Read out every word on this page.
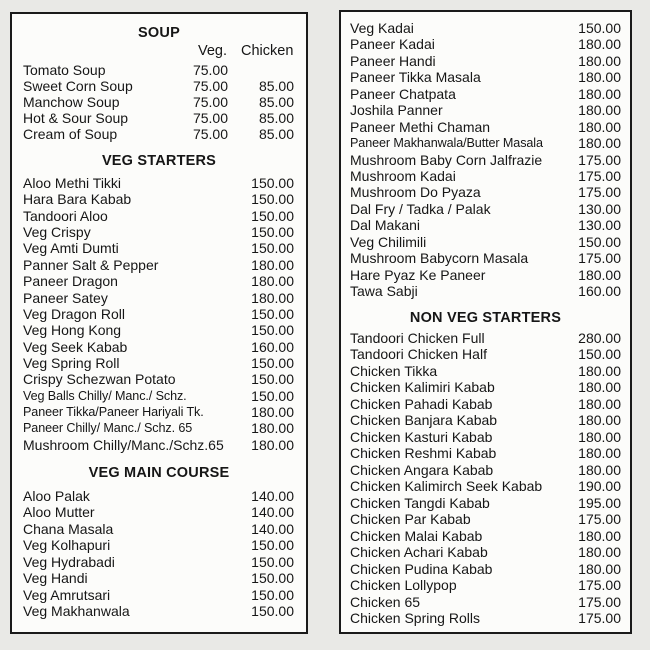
SOUP
Veg. Chicken
Tomato Soup	75.00
Sweet Corn Soup	75.00 85.00
Manchow Soup	75.00 85.00
Hot & Sour Soup	75.00 85.00
Cream of Soup	75.00 85.00
VEG STARTERS
Aloo Methi Tikki	150.00
Hara Bara Kabab	150.00
Tandoori Aloo	150.00
Veg Crispy	150.00
Veg Amti Dumti	150.00
Panner Salt & Pepper	180.00
Paneer Dragon	180.00
Paneer Satey	180.00
Veg Dragon Roll	150.00
Veg Hong Kong	150.00
Veg Seek Kabab	160.00
Veg Spring Roll	150.00
Crispy Schezwan Potato	150.00
Veg Balls Chilly/ Manc./ Schz.	150.00
Paneer Tikka/Paneer Hariyali Tk.	180.00
Paneer Chilly/ Manc./ Schz. 65	180.00
Mushroom Chilly/Manc./Schz.65 180.00
VEG MAIN COURSE
Aloo Palak	140.00
Aloo Mutter	140.00
Chana Masala	140.00
Veg Kolhapuri	150.00
Veg Hydrabadi	150.00
Veg Handi	150.00
Veg Amrutsari	150.00
Veg Makhanwala	150.00
Veg Kadai	150.00
Paneer Kadai	180.00
Paneer Handi	180.00
Paneer Tikka Masala	180.00
Paneer Chatpata	180.00
Joshila Panner	180.00
Paneer Methi Chaman	180.00
Paneer Makhanwala/Butter Masala	180.00
Mushroom Baby Corn Jalfrazie	175.00
Mushroom Kadai	175.00
Mushroom Do Pyaza	175.00
Dal Fry / Tadka / Palak	130.00
Dal Makani	130.00
Veg Chilimili	150.00
Mushroom Babycorn Masala	175.00
Hare Pyaz Ke Paneer	180.00
Tawa Sabji	160.00
NON VEG STARTERS
Tandoori Chicken Full	280.00
Tandoori Chicken Half	150.00
Chicken Tikka	180.00
Chicken Kalimiri Kabab	180.00
Chicken Pahadi Kabab	180.00
Chicken Banjara Kabab	180.00
Chicken Kasturi Kabab	180.00
Chicken Reshmi Kabab	180.00
Chicken Angara Kabab	180.00
Chicken Kalimirch Seek Kabab	190.00
Chicken Tangdi Kabab	195.00
Chicken Par Kabab	175.00
Chicken Malai Kabab	180.00
Chicken Achari Kabab	180.00
Chicken Pudina Kabab	180.00
Chicken Lollypop	175.00
Chicken 65	175.00
Chicken Spring Rolls	175.00
